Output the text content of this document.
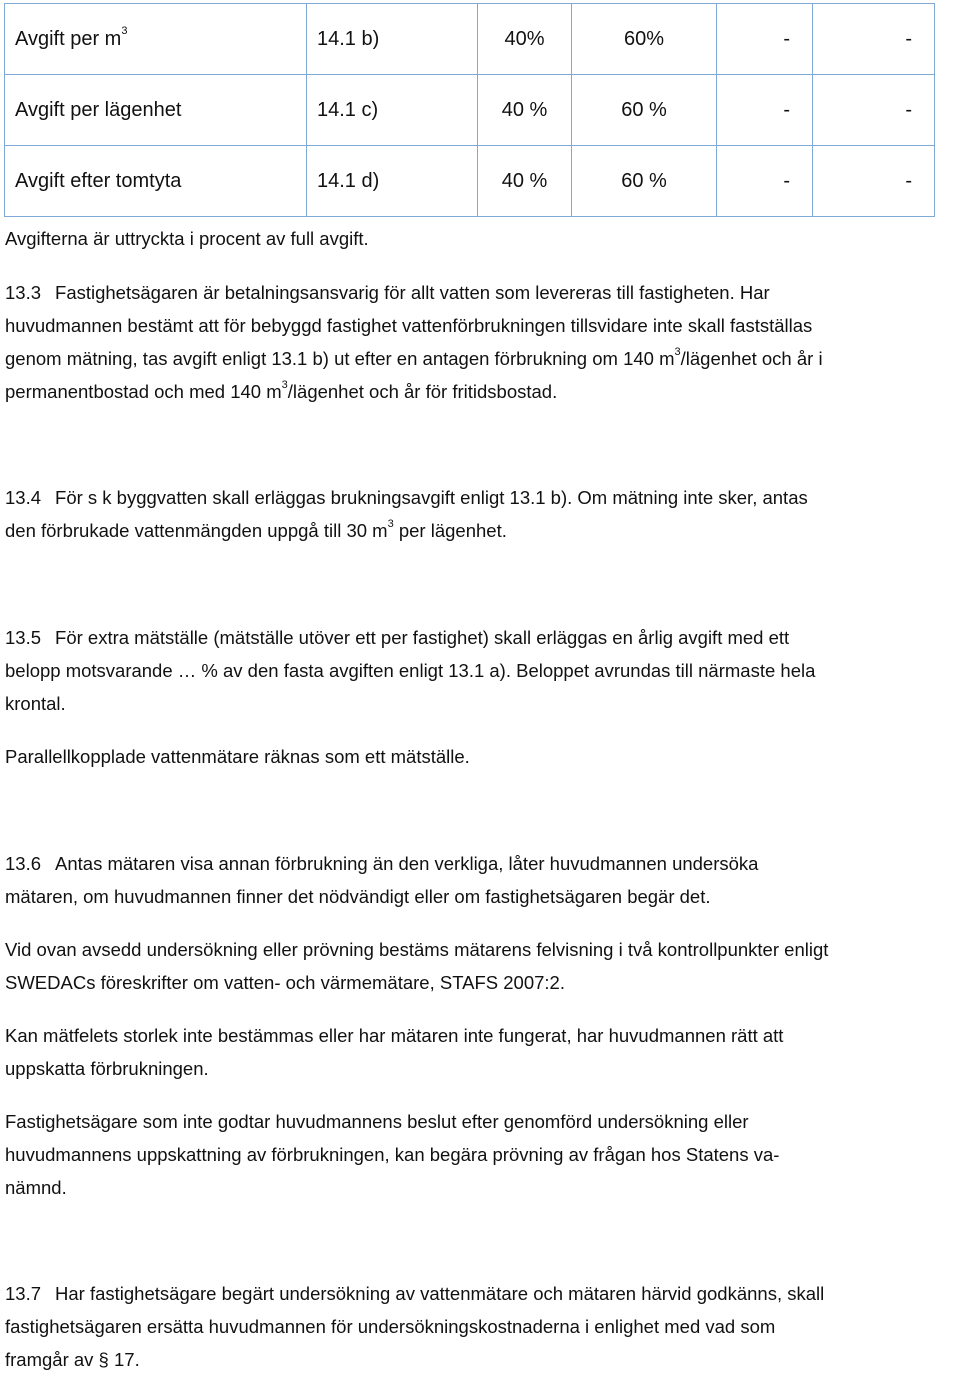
Avgift per $m^3$	14.1 b)	40%	60%	-	-
Avgift per lägenhet	14.1 c)	40 %	60 %	-	-
Avgift efter tomtyta	14.1 d)	40 %	60 %	-	-

Avgifterna är uttryckta i procent av full avgift.

13.3 Fastighetsägaren är betalningsansvarig för allt vatten som levereras till fastigheten. Har

huvudmannen bestämt att för bebyggd fastighet vattenförbrukningen tillsvidare inte skall fastställas

genom mätning, tas avgift enligt 13.1 b) ut efter en antagen förbrukning om 140 $m^3$/lägenhet och år i

permanentbostad och med 140 $m^3$/lägenhet och år för fritidsbostad.

13.4 För s k byggvatten skall erläggas brukningsavgift enligt 13.1 b). Om mätning inte sker, antas

den förbrukade vattenmängden uppgå till 30 $m^3$ per lägenhet.

13.5 För extra mätställe (mätställe utöver ett per fastighet) skall erläggas en årlig avgift med ett

belopp motsvarande … % av den fasta avgiften enligt 13.1 a). Beloppet avrundas till närmaste hela

krontal.

Parallellkopplade vattenmätare räknas som ett mätställe.

13.6 Antas mätaren visa annan förbrukning än den verkliga, låter huvudmannen undersöka

mätaren, om huvudmannen finner det nödvändigt eller om fastighetsägaren begär det.

Vid ovan avsedd undersökning eller prövning bestäms mätarens felvisning i två kontrollpunkter enligt

SWEDACs föreskrifter om vatten- och värmemätare, STAFS 2007:2.

Kan mätfelets storlek inte bestämmas eller har mätaren inte fungerat, har huvudmannen rätt att

uppskatta förbrukningen.

Fastighetsägare som inte godtar huvudmannens beslut efter genomförd undersökning eller

huvudmannens uppskattning av förbrukningen, kan begära prövning av frågan hos Statens va-

nämnd.

13.7 Har fastighetsägare begärt undersökning av vattenmätare och mätaren härvid godkänns, skall

fastighetsägaren ersätta huvudmannen för undersökningskostnaderna i enlighet med vad som

framgår av § 17.
